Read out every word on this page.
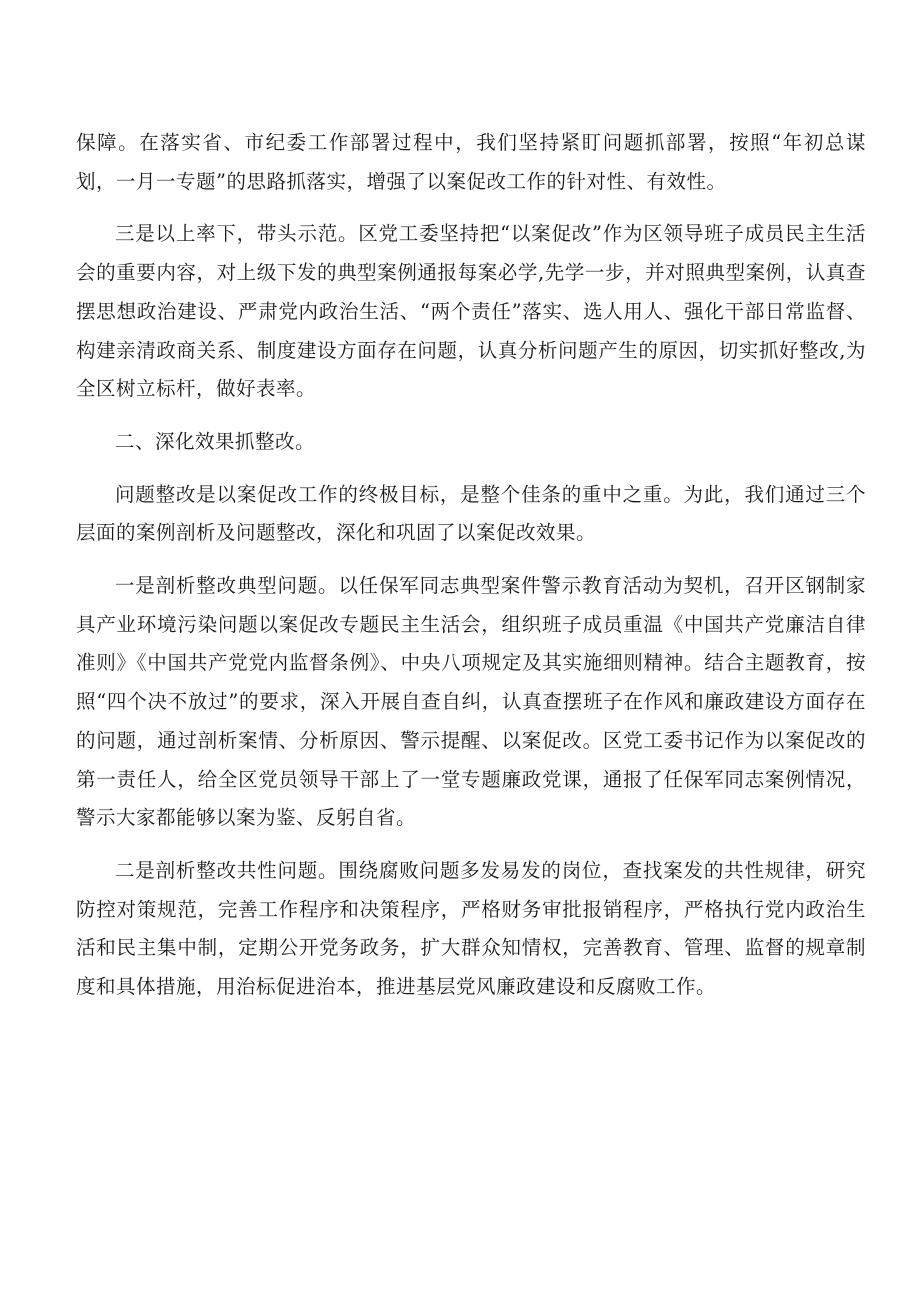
保障。在落实省、市纪委工作部署过程中，我们坚持紧盯问题抓部署，按照“年初总谋划，一月一专题”的思路抓落实，增强了以案促改工作的针对性、有效性。

三是以上率下，带头示范。区党工委坚持把“以案促改”作为区领导班子成员民主生活会的重要内容，对上级下发的典型案例通报每案必学,先学一步，并对照典型案例，认真查摆思想政治建设、严肃党内政治生活、“两个责任”落实、选人用人、强化干部日常监督、构建亲清政商关系、制度建设方面存在问题，认真分析问题产生的原因，切实抓好整改,为全区树立标杆，做好表率。

二、深化效果抓整改。

问题整改是以案促改工作的终极目标，是整个佳条的重中之重。为此，我们通过三个层面的案例剖析及问题整改，深化和巩固了以案促改效果。

一是剖析整改典型问题。以任保军同志典型案件警示教育活动为契机，召开区钢制家具产业环境污染问题以案促改专题民主生活会，组织班子成员重温《中国共产党廉洁自律准则》《中国共产党党内监督条例》、中央八项规定及其实施细则精神。结合主题教育，按照“四个决不放过”的要求，深入开展自查自纠，认真查摆班子在作风和廉政建设方面存在的问题，通过剖析案情、分析原因、警示提醒、以案促改。区党工委书记作为以案促改的第一责任人，给全区党员领导干部上了一堂专题廉政党课，通报了任保军同志案例情况，警示大家都能够以案为鉴、反躬自省。

二是剖析整改共性问题。围绕腐败问题多发易发的岗位，查找案发的共性规律，研究防控对策规范，完善工作程序和决策程序，严格财务审批报销程序，严格执行党内政治生活和民主集中制，定期公开党务政务，扩大群众知情权，完善教育、管理、监督的规章制度和具体措施，用治标促进治本，推进基层党风廉政建设和反腐败工作。
